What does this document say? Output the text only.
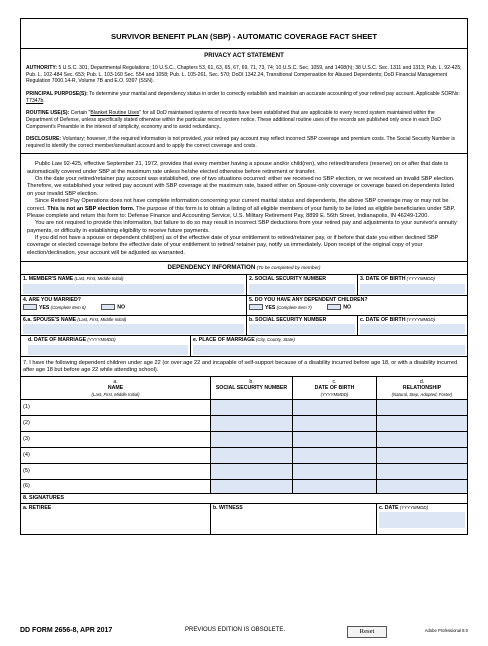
SURVIVOR BENEFIT PLAN (SBP) - AUTOMATIC COVERAGE FACT SHEET
PRIVACY ACT STATEMENT

AUTHORITY: 5 U.S.C. 301, Departmental Regulations; 10 U.S.C., Chapters 53, 61, 63, 65, 67, 69, 71, 73, 74; 10 U.S.C. Sec. 1059, and 1408(h); 38 U.S.C. Sec. 1311 and 1313; Pub. L. 92-425; Pub. L. 102-484 Sec. 653; Pub. L. 103-160 Sec. 554 and 1058; Pub. L. 105-261, Sec. 570; DoDI 1342.24, Transitional Compensation for Abused Dependents; DoD Financial Management Regulation 7000.14-R, Volume 7B and E.O. 9397 (SSN).

PRINCIPAL PURPOSE(S): To determine your marital and dependency status in order to correctly establish and maintain an accurate accounting of your retired pay account. Applicable SORNs: T7347b.

ROUTINE USE(S): Certain "Blanket Routine Uses" for all DoD maintained systems of records have been established that are applicable to every record system maintained within the Department of Defense, unless specifically stated otherwise within the particular record system notice. These additional routine uses of the records are published only once in each DoD Component's Preamble in the interest of simplicity, economy and to avoid redundancy..

DISCLOSURE: Voluntary; however, if the required information is not provided, your retired pay account may reflect incorrect SBP coverage and premium costs. The Social Security Number is required to identify the correct member/annuitant account and to apply the correct coverage and costs.

Public Law 92-425, effective September 21, 1972, provides that every member having a spouse and/or child(ren), who retired/transfers (reserve) on or after that date is automatically covered under SBP at the maximum rate unless he/she elected otherwise before retirement or transfer.

On the date your retired/retainer pay account was established, one of two situations occurred: either we received no SBP election, or we received an invalid SBP election. Therefore, we established your retired pay account with SBP coverage at the maximum rate, based either on Spouse-only coverage or coverage based on dependents listed on your invalid SBP election.

Since Retired Pay Operations does not have complete information concerning your current marital status and dependents, the above SBP coverage may or may not be correct. This is not an SBP election form. The purpose of this form is to obtain a listing of all eligible members of your family to be listed as eligible beneficiaries under SBP. Please complete and return this form to: Defense Finance and Accounting Service, U.S. Military Retirement Pay, 8899 E. 56th Street, Indianapolis, IN 46249-1200.

You are not required to provide this information, but failure to do so may result in incorrect SBP deductions from your retired pay and adjustments to your survivor's annuity payments, or difficulty in establishing eligibility to receive future payments.

If you did not have a spouse or dependent child(ren) as of the effective date of your entitlement to retired/retainer pay, or if before that date you either declined SBP coverage or elected coverage before the effective date of your entitlement to retired/ retainer pay, notify us immediately. Upon receipt of the original copy of your election/declination, your account will be adjusted as warranted.

DEPENDENCY INFORMATION (To be completed by member)
1. MEMBER'S NAME (Last, First, Middle Initial)	2. SOCIAL SECURITY NUMBER	3. DATE OF BIRTH (YYYYMMDD)
4. ARE YOU MARRIED?
YES (Complete Item 6)	NO
5. DO YOU HAVE ANY DEPENDENT CHILDREN?
YES (Complete Item 7)	NO
6.a. SPOUSE'S NAME (Last, First, Middle Initial)	b. SOCIAL SECURITY NUMBER	c. DATE OF BIRTH (YYYYMMDD)
d. DATE OF MARRIAGE (YYYYMMDD)	e. PLACE OF MARRIAGE (City, County, State)
7. I have the following dependent children under age 22 (or over age 22 and incapable of self-support because of a disability incurred before age 18, or with a disability incurred after age 18 but before age 22 while attending school).
a.
NAME
(Last, First, Middle Initial)
b.
SOCIAL SECURITY NUMBER
c.
DATE OF BIRTH
(YYYYMMDD)
d.
RELATIONSHIP
(Natural, Step, Adopted, Foster)
(1)
(2)
(3)
(4)
(5)
(6)
8. SIGNATURES
a. RETIREE	b. WITNESS	c. DATE (YYYYMMDD)
DD FORM 2656-8, APR 2017	PREVIOUS EDITION IS OBSOLETE.	Reset	Adobe Professional 8.0
